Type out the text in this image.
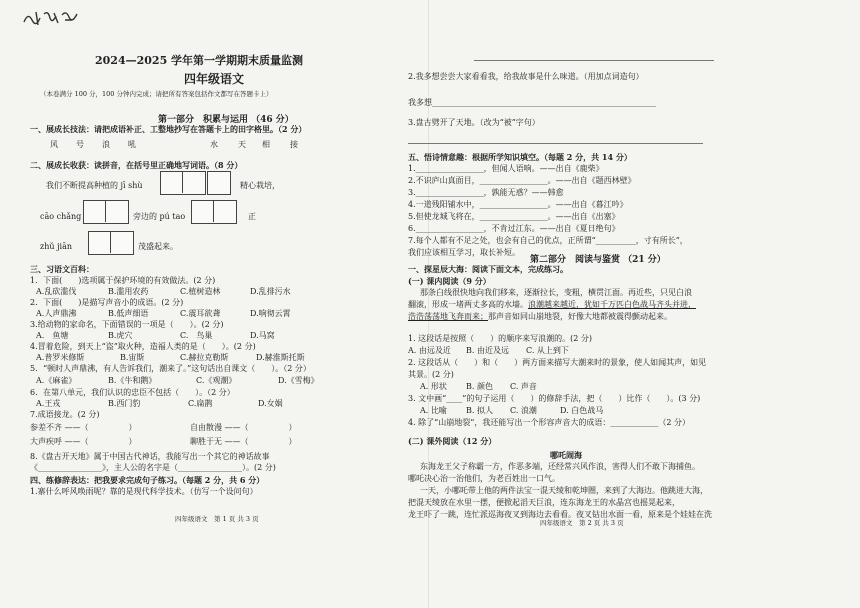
2024—2025 学年第一学期期末质量监测
四年级语文
（本卷满分 100 分，100 分钟内完成；请把所有答案包括作文都写在答题卡上）
第一部分　积累与运用 （46 分）
一、展成长技法：请把成语补正、工整地抄写在答题卡上的田字格里。（2 分）
风 号 浪 吼	水	天 相	接
二、展成长收获：读拼音，在括号里正确地写词语。（8 分）
我们不断提高种植的 jī shù	精心栽培，
cāo chǎng	旁边的 pú tao	正
zhǔ jiān	茂盛起来。
三、习语文百科：
1．下面(　　)选项属于保护环境的有效做法。(2 分)
A.乱砍滥伐	B.滥用农药	C.植树造林	D.乱排污水
2．下面(　　)是描写声音小的成语。(2 分)
A.人声鼎沸	B.低声细语	C.震耳欲聋	D.响彻云霄
3.给动物的家命名，下面错误的一项是（　　）。(2 分)
A.　鱼塘	B.虎穴	C.　鸟巢	D.马窝
4.冒着危险，到天上“盗”取火种，造福人类的是（　　）。(2 分)
A.普罗米修斯	B.宙斯	C.赫拉克勒斯	D.赫淮斯托斯
5．“顿时人声鼎沸，有人告诉我们，潮来了。”这句话出自课文（　　）。（2 分）
A.《麻雀》	B.《牛和鹅》	C.《观潮》	D.《雪梅》
6．在第八单元，我们认识的忠臣不包括（　　）。（2 分）
A.王戎	B.西门豹	C.扁鹊	D.女娲
7.成语接龙。(2 分)
参差不齐 ——（　　　　　）	自由散漫 ——（　　　　　）
大声疾呼 ——（　　　　　）	聊胜于无 ——（　　　　　）
8.《盘古开天地》属于中国古代神话，我能写出一个其它的神话故事
《________________》，主人公的名字是（________________）。(2 分)
四、练修辞表达：把我要求完成句子练习。（每题 2 分，共 6 分）
1.寨什么呼风唤雨呢？靠的是现代科学技术。（仿写一个设问句）
四年级语文　第 1 页 共 3 页
2.我多想尝尝大家看看我，给我故事是什么味道。（用加点词造句）
我多想________________________________________________________
3.盘古劈开了天地。（改为“被”字句）
五、悟诗情意趣：根据所学知识填空。（每题 2 分，共 14 分）
1._________________，但闻人语响。——出自《鹿柴》
2.不识庐山真面目，_________________。——出自《题西林壁》
3._________________，孰能无惑？——韩愈
4.一道残阳铺水中，_________________。——出自《暮江吟》
5.但使龙城飞将在，_________________。——出自《出塞》
6._________________，不肯过江东。——出自《夏日绝句》
7.每个人都有不足之处，也会有自己的优点，正所谓“__________，寸有所长”，
我们应该相互学习，取长补短。
第二部分　阅读与鉴赏 （21 分）
一、探星辰大海：阅读下面文本，完成练习。
(一) 课内阅读（9 分）
那条白线很快地向我们移来，逐渐拉长，变粗，横贯江面。再近些，只见白浪
翻滚，形成一堵两丈多高的水墙。浪潮越来越近，犹如千万匹白色战马齐头并进，
浩浩荡荡地飞奔而来；那声音如同山崩地裂，好像大地都被震得颤动起来。
1. 这段话是按照（　　）的顺序来写浪潮的。(2 分)
A. 由远及近 B. 由近及远 C. 从上到下
2. 这段话从（　　）和（　　）两方面来描写大潮来时的景象，使人如闻其声，如见
其景。(2 分)
A. 形状 B. 颜色 C. 声音
3. 文中画“____”的句子运用（　　）的修辞手法，把（　　）比作（　　）。(3 分)
A. 比喻 B. 拟人 C. 浪潮	D. 白色战马
4. 除了“山崩地裂”，我还能写出一个形容声音大的成语：____________（2 分）
(二) 课外阅读（12 分）
哪吒闹海
东海龙王父子称霸一方，作恶多端，还经常兴风作浪，害得人们不敢下海捕鱼。
哪吒决心治一治他们，为老百姓出一口气。
一天，小哪吒带上他的两件法宝一混天绫和乾坤圈，来到了大海边。他跳进大海，
把混天绫放在水里一摆，便掀起滔天巨浪，连东海龙王的水晶宫也摇晃起来，
龙王吓了一跳，连忙派巡海夜叉到海边去看看。夜叉钻出水面一看，原来是个娃娃在洗
四年级语文　第 2 页 共 3 页
